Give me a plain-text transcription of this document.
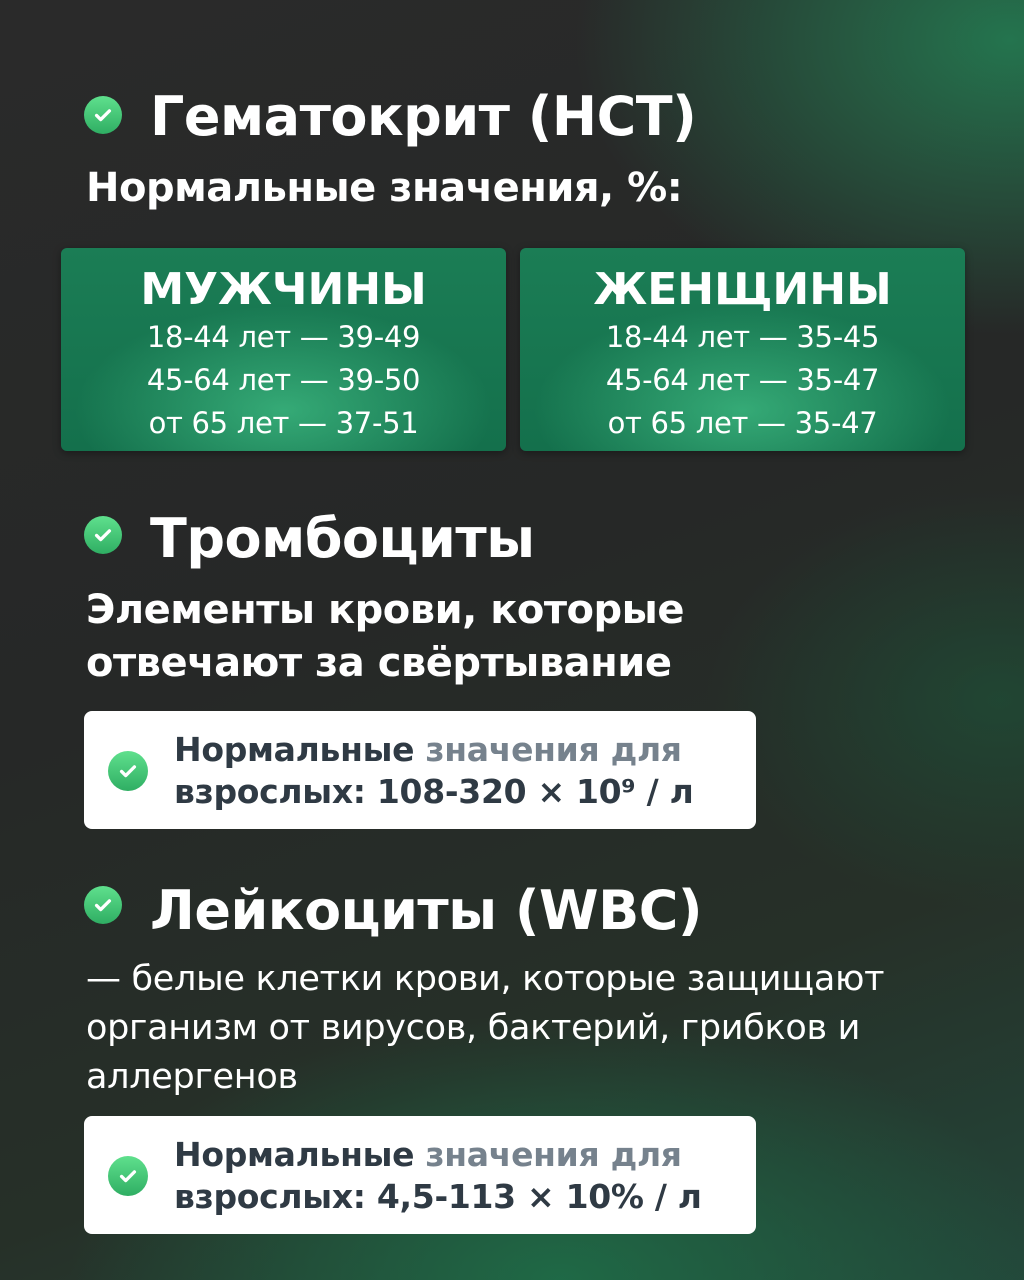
Гематокрит (HCT)
Нормальные значения, %:
МУЖЧИНЫ
18-44 лет — 39-49
45-64 лет — 39-50
от 65 лет — 37-51
ЖЕНЩИНЫ
18-44 лет — 35-45
45-64 лет — 35-47
от 65 лет — 35-47
Тромбоциты
Элементы крови, которые
отвечают за свёртывание
Нормальные значения для
взрослых: 108-320 × 10⁹ / л
Лейкоциты (WBC)
— белые клетки крови, которые защищают
организм от вирусов, бактерий, грибков и
аллергенов
Нормальные значения для
взрослых: 4,5-113 × 10% / л
